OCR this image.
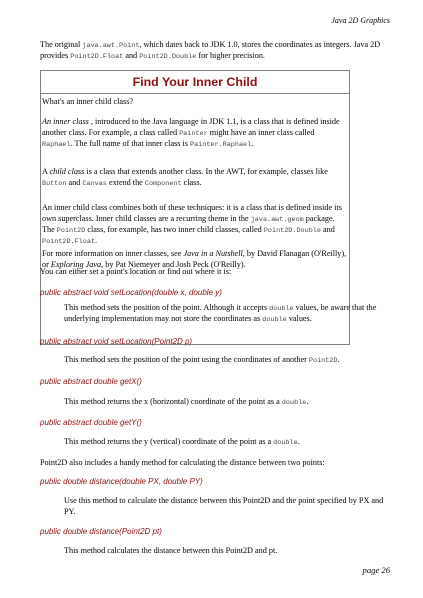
Java 2D Graphics

The original java.awt.Point, which dates back to JDK 1.0, stores the coordinates as integers. Java 2D provides Point2D.Float and Point2D.Double for higher precision.

Find Your Inner Child

What's an inner child class?

An inner class , introduced to the Java language in JDK 1.1, is a class that is defined inside another class. For example, a class called Painter might have an inner class called Raphael. The full name of that inner class is Painter.Raphael.

A child class is a class that extends another class. In the AWT, for example, classes like Button and Canvas extend the Component class.

An inner child class combines both of these techniques: it is a class that is defined inside its own superclass. Inner child classes are a recurring theme in the java.awt.geom package. The Point2D class, for example, has two inner child classes, called Point2D.Double and Point2D.Float.

For more information on inner classes, see Java in a Nutshell, by David Flanagan (O'Reilly), or Exploring Java, by Pat Niemeyer and Josh Peck (O'Reilly).

You can either set a point's location or find out where it is:

public abstract void setLocation(double x, double y)

This method sets the position of the point. Although it accepts double values, be aware that the underlying implementation may not store the coordinates as double values.

public abstract void setLocation(Point2D p)

This method sets the position of the point using the coordinates of another Point2D.

public abstract double getX()

This method returns the x (horizontal) coordinate of the point as a double.

public abstract double getY()

This method returns the y (vertical) coordinate of the point as a double.

Point2D also includes a handy method for calculating the distance between two points:

public double distance(double PX, double PY)

Use this method to calculate the distance between this Point2D and the point specified by PX and PY.

public double distance(Point2D pt)

This method calculates the distance between this Point2D and pt.

page 26
